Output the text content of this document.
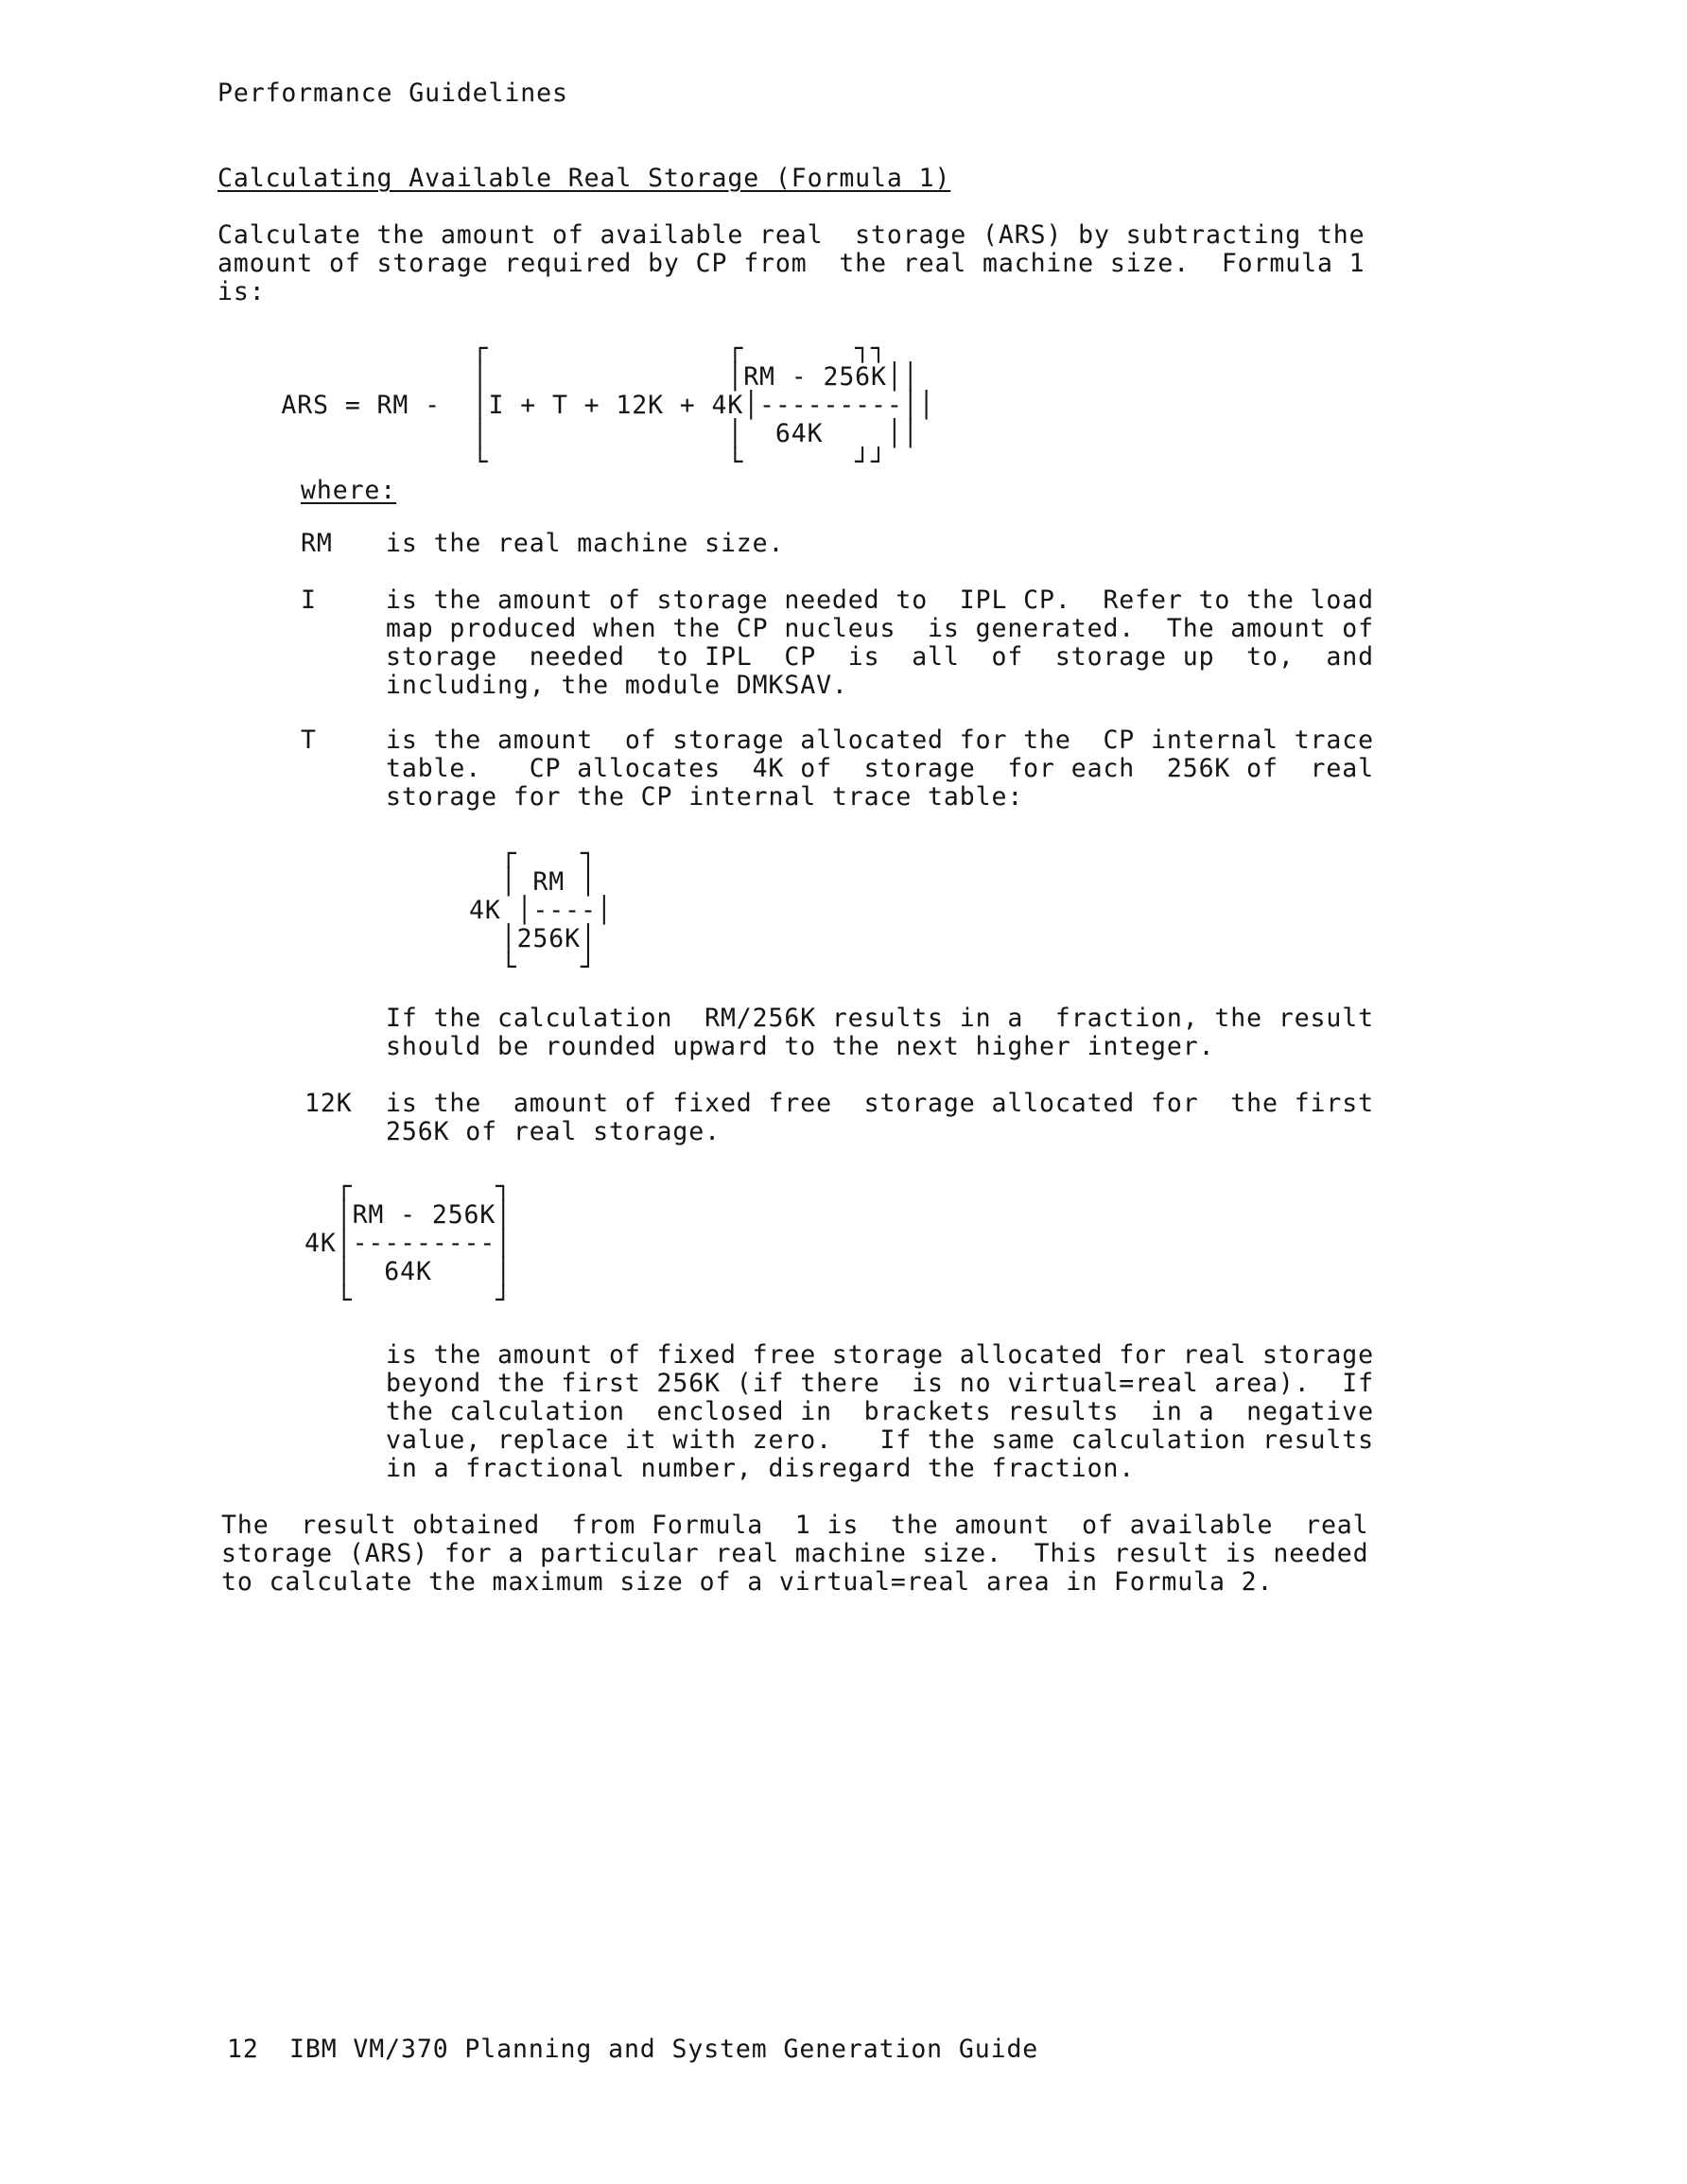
Performance Guidelines
Calculating Available Real Storage (Formula 1)
Calculate the amount of available real  storage (ARS) by subtracting the
amount of storage required by CP from  the real machine size.  Formula 1
is:
┌               ┌       ┐┐
│               │RM - 256K││
ARS = RM -  │I + T + 12K + 4K│---------││
│               │  64K    ││
└               └       ┘┘
where:
RM is the real machine size.
I	is the amount of storage needed to  IPL CP.  Refer to the load
map produced when the CP nucleus  is generated.  The amount of
storage  needed  to IPL  CP  is  all  of  storage up  to,  and
including, the module DMKSAV.
T	is the amount  of storage allocated for the  CP internal trace
table.   CP allocates  4K of  storage  for each  256K of  real
storage for the CP internal trace table:
┌    ┐
│ RM │
4K │----│
│256K│
└    ┘
If the calculation  RM/256K results in a  fraction, the result
should be rounded upward to the next higher integer.
12K is the  amount of fixed free  storage allocated for  the first
256K of real storage.
┌         ┐
│RM - 256K│
4K│---------│
│  64K    │
└         ┘
is the amount of fixed free storage allocated for real storage
beyond the first 256K (if there  is no virtual=real area).  If
the calculation  enclosed in  brackets results  in a  negative
value, replace it with zero.   If the same calculation results
in a fractional number, disregard the fraction.
The  result obtained  from Formula  1 is  the amount  of available  real
storage (ARS) for a particular real machine size.  This result is needed
to calculate the maximum size of a virtual=real area in Formula 2.
12 IBM VM/370 Planning and System Generation Guide
